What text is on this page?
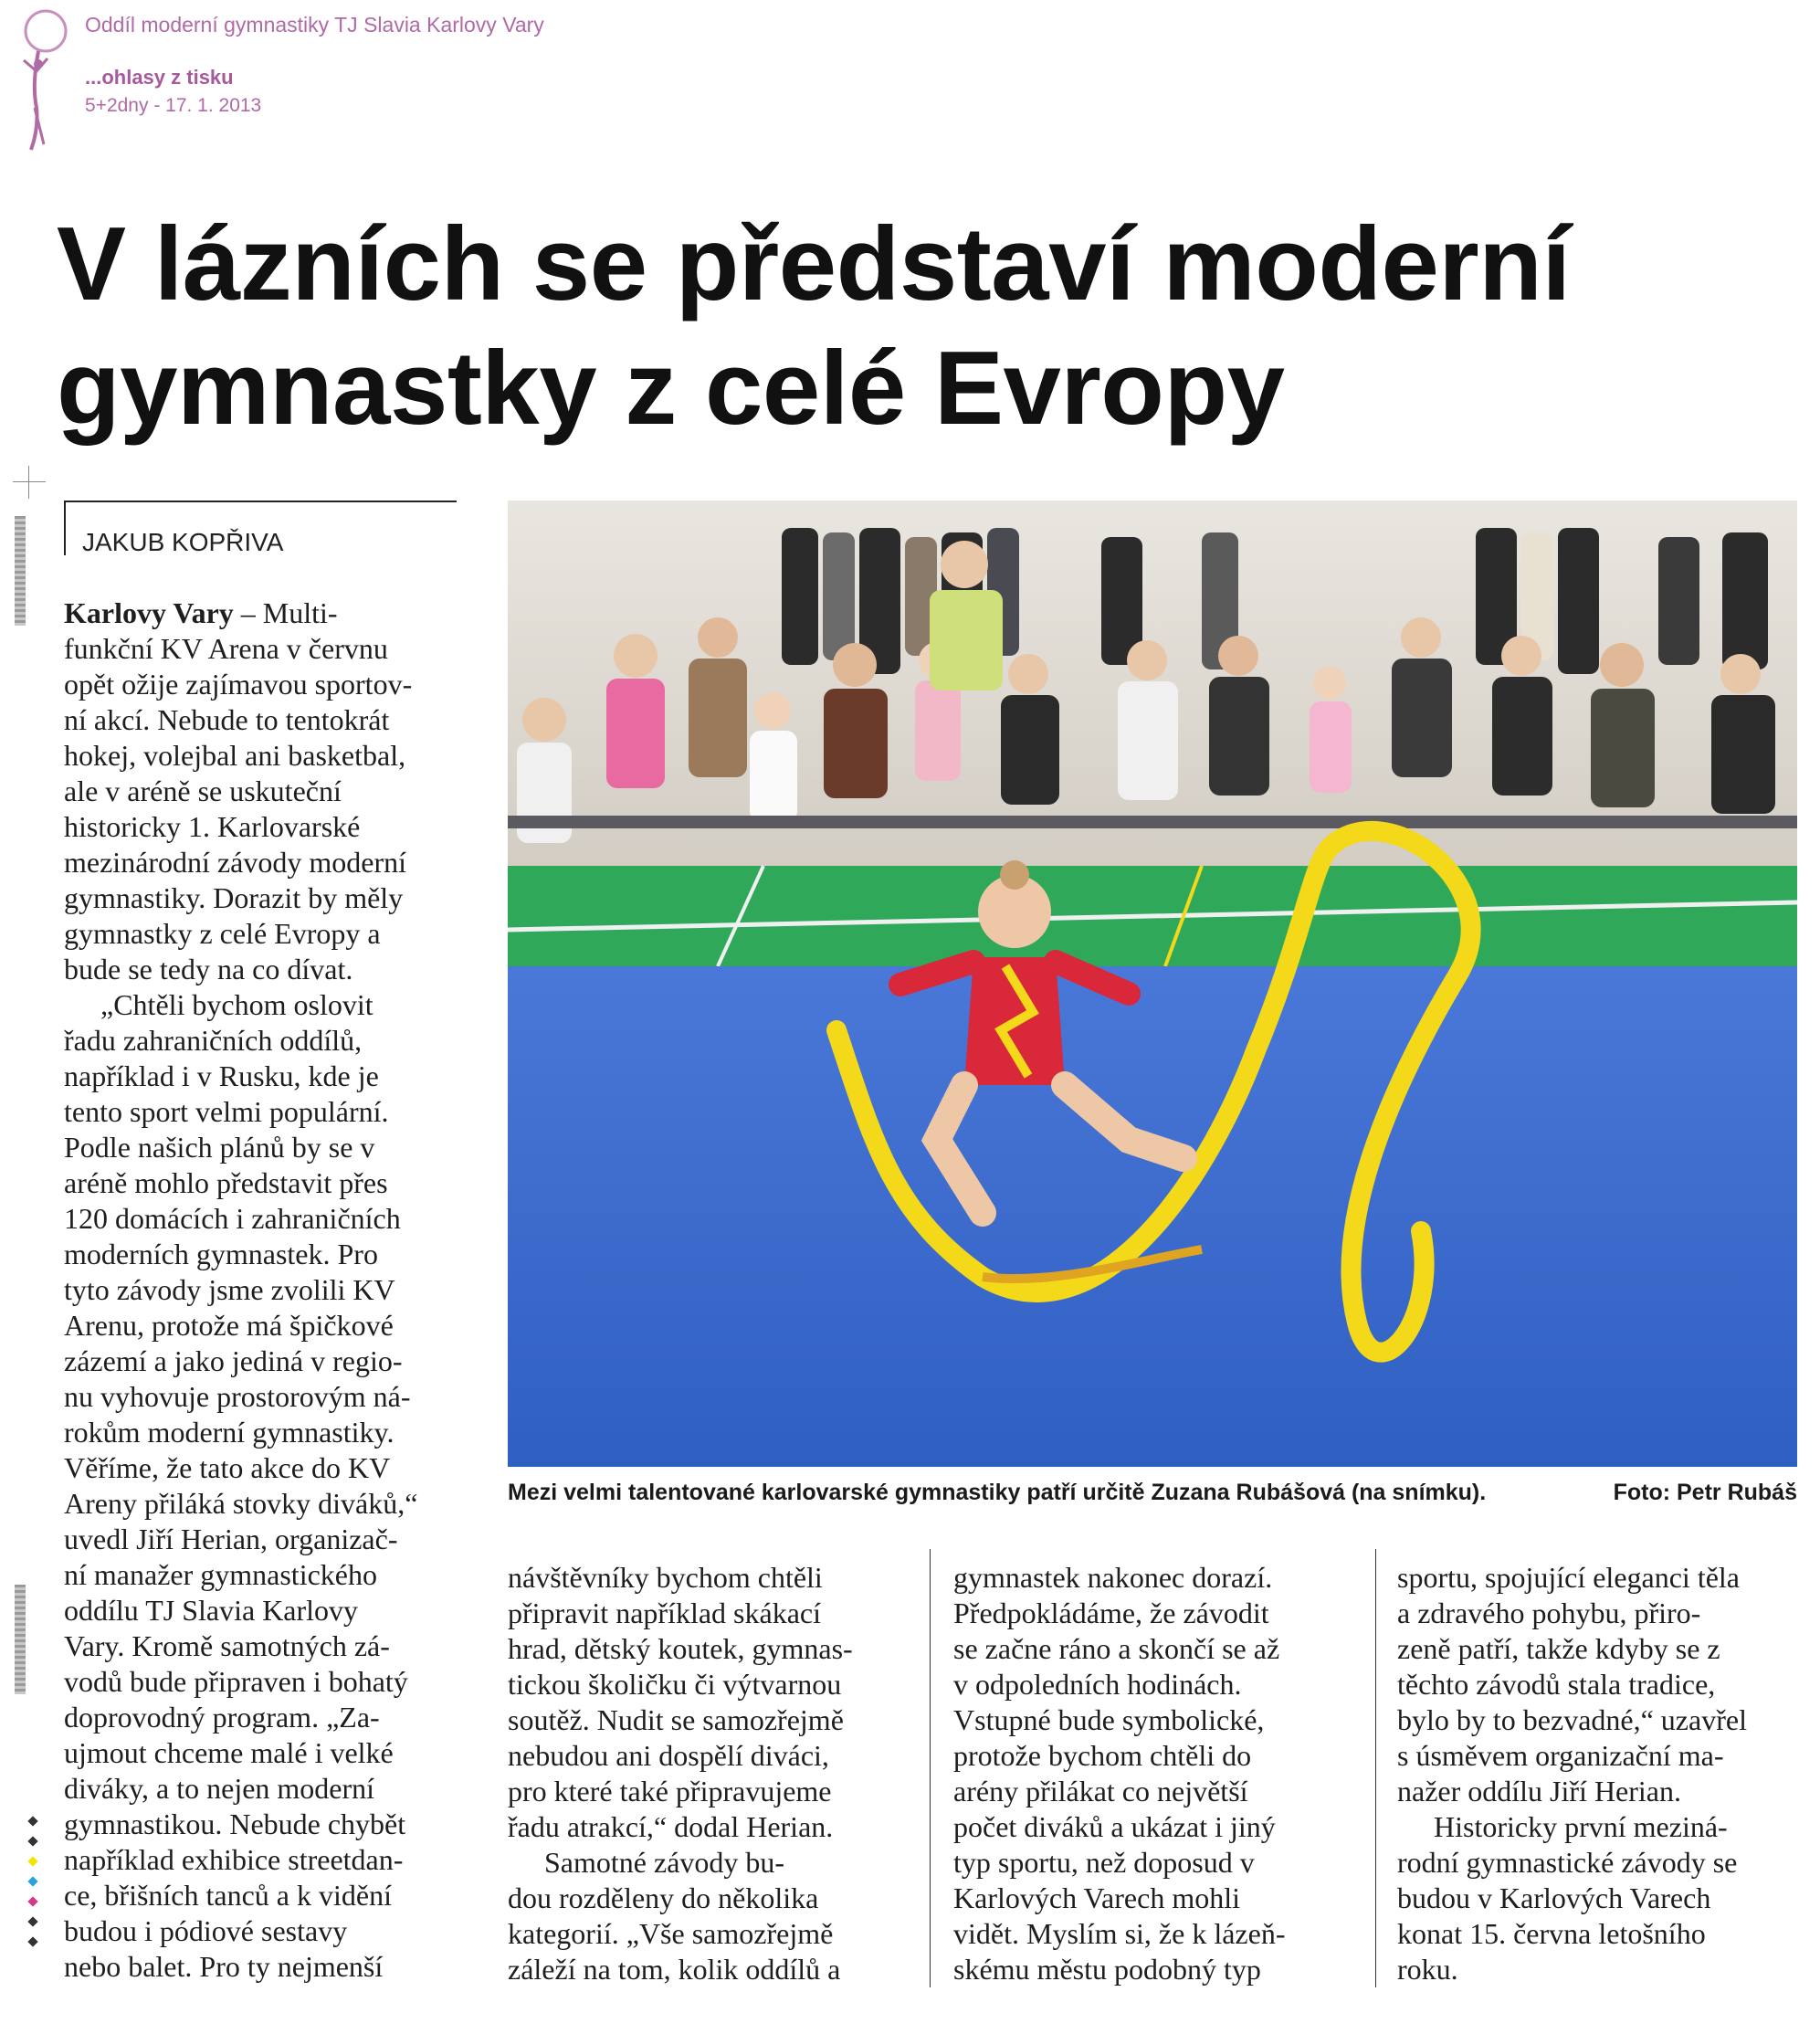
Oddíl moderní gymnastiky TJ Slavia Karlovy Vary
...ohlasy z tisku
5+2dny - 17. 1. 2013
V lázních se představí moderní
gymnastky z celé Evropy
JAKUB KOPŘIVA

Karlovy Vary – Multi-
funkční KV Arena v červnu
opět ožije zajímavou sportov-
ní akcí. Nebude to tentokrát
hokej, volejbal ani basketbal,
ale v aréně se uskuteční
historicky 1. Karlovarské
mezinárodní závody moderní
gymnastiky. Dorazit by měly
gymnastky z celé Evropy a
bude se tedy na co dívat.

„Chtěli bychom oslovit
řadu zahraničních oddílů,
například i v Rusku, kde je
tento sport velmi populární.
Podle našich plánů by se v
aréně mohlo představit přes
120 domácích i zahraničních
moderních gymnastek. Pro
tyto závody jsme zvolili KV
Arenu, protože má špičkové
zázemí a jako jediná v regio-
nu vyhovuje prostorovým ná-
rokům moderní gymnastiky.
Věříme, že tato akce do KV
Areny přiláká stovky diváků,“
uvedl Jiří Herian, organizač-
ní manažer gymnastického
oddílu TJ Slavia Karlovy
Vary. Kromě samotných zá-
vodů bude připraven i bohatý
doprovodný program. „Za-
ujmout chceme malé i velké
diváky, a to nejen moderní
gymnastikou. Nebude chybět
například exhibice streetdan-
ce, břišních tanců a k vidění
budou i pódiové sestavy
nebo balet. Pro ty nejmenší

Mezi velmi talentované karlovarské gymnastiky patří určitě Zuzana Rubášová (na snímku).	Foto: Petr Rubáš

návštěvníky bychom chtěli
připravit například skákací
hrad, dětský koutek, gymnas-
tickou školičku či výtvarnou
soutěž. Nudit se samozřejmě
nebudou ani dospělí diváci,
pro které také připravujeme
řadu atrakcí,“ dodal Herian.

Samotné závody bu-
dou rozděleny do několika
kategorií. „Vše samozřejmě
záleží na tom, kolik oddílů a

gymnastek nakonec dorazí.
Předpokládáme, že závodit
se začne ráno a skončí se až
v odpoledních hodinách.
Vstupné bude symbolické,
protože bychom chtěli do
arény přilákat co největší
počet diváků a ukázat i jiný
typ sportu, než doposud v
Karlových Varech mohli
vidět. Myslím si, že k lázeň-
skému městu podobný typ

sportu, spojující eleganci těla
a zdravého pohybu, přiro-
zeně patří, takže kdyby se z
těchto závodů stala tradice,
bylo by to bezvadné,“ uzavřel
s úsměvem organizační ma-
nažer oddílu Jiří Herian.

Historicky první meziná-
rodní gymnastické závody se
budou v Karlových Varech
konat 15. června letošního
roku.
